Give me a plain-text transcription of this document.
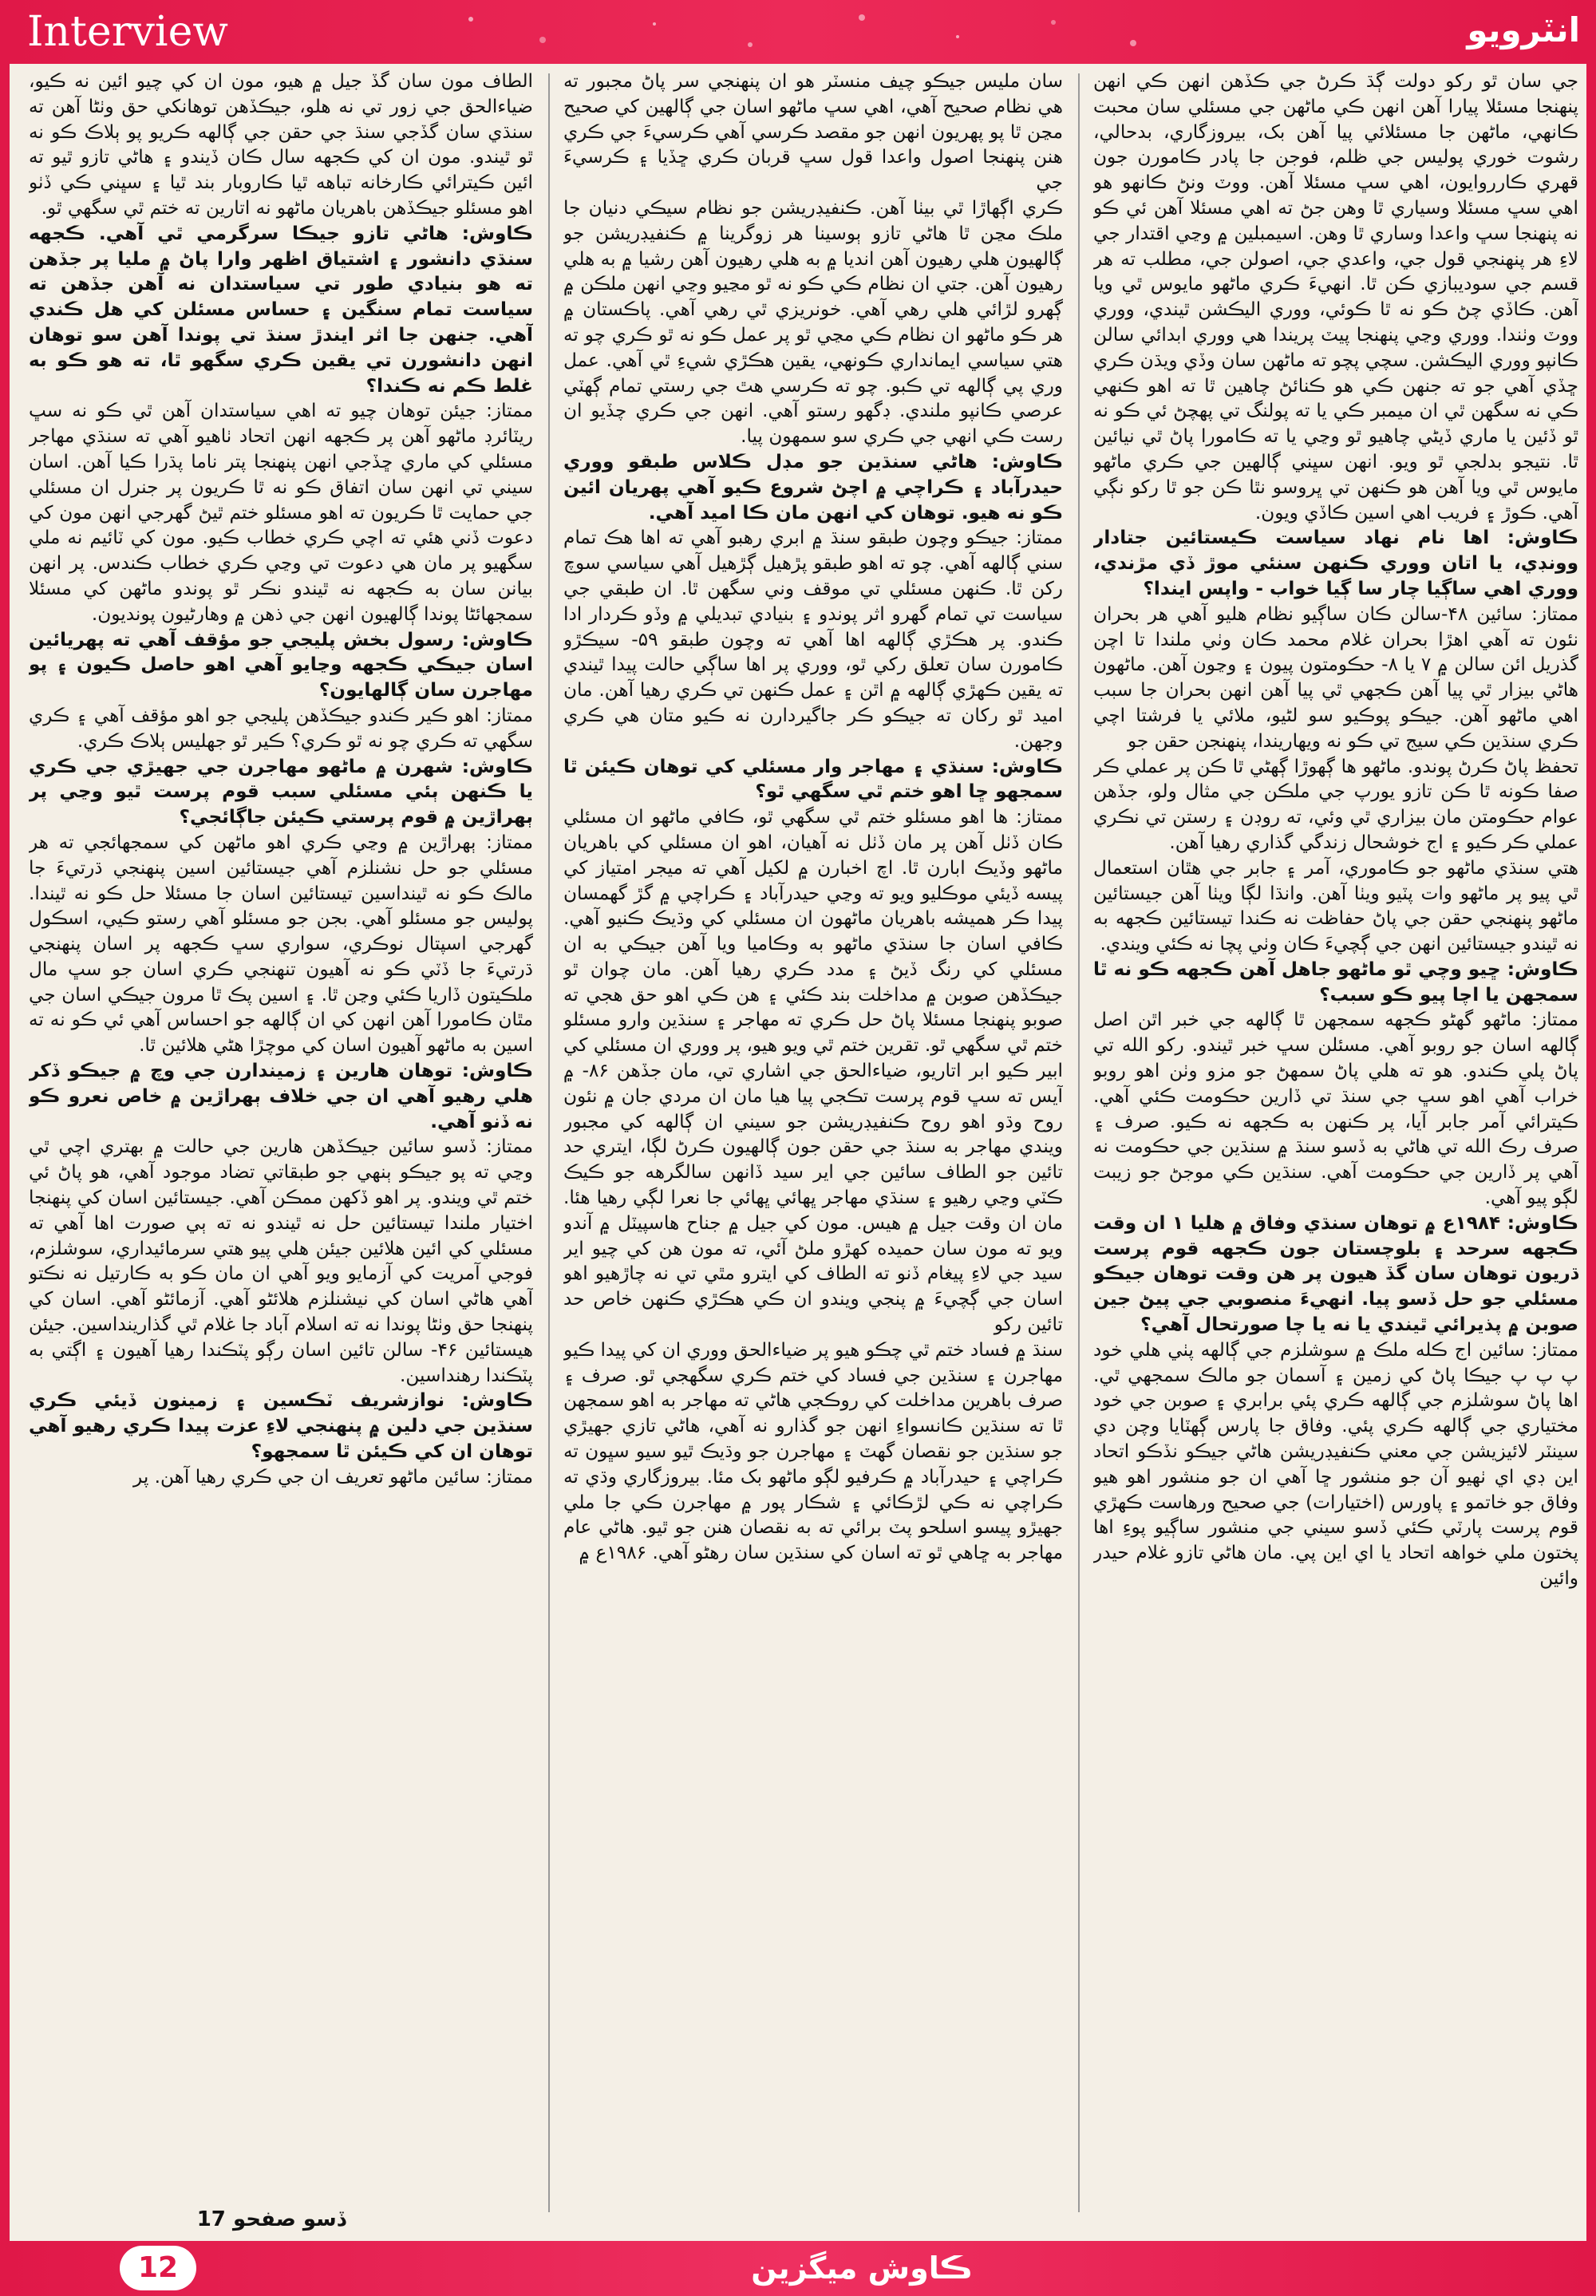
Interview	انٽرويو

جي سان ٿو رکو دولت ڳڌ ڪرڻ جي ڪڏهن انهن ڪي انهن پنهنجا مسئلا پيارا آهن انهن ڪي ماڻهن جي مسئلي سان محبت ڪانهي، ماڻهن جا مسئلائي پيا آهن بک، بيروزگاري، بدحالي، رشوت خوري پوليس جي ظلم، فوجن جا پادر ڪامورن جون قهري ڪارروايون، اهي سڀ مسئلا آهن. ووٽ ونڻ ڪانهو هو اهي سڀ مسئلا وسياري ٿا وهن جڻ ته اهي مسئلا آهن ئي ڪو نه پنهنجا سڀ واعدا وساري ٿا وهن. اسيمبلين ۾ وڃي اقتدار جي لاءِ هر پنهنجي قول جي، واعدي جي، اصولن جي، مطلب ته هر قسم جي سوديبازي ڪن ٿا. انهيءَ ڪري ماڻهو مايوس ٿي ويا آهن. ڪاڏي چڻ ڪو نه ٿا ڪوئي، ووري اليڪشن ٿيندي، ووري ووٽ وٺندا. ووري وڃي پنهنجا پيٽ پريندا هي ووري ابدائي سالن ڪانپو ووري اليڪشن. سچي پچو ته ماڻهن سان وڏي ويڌن ڪري ڇڏي آهي جو ته جنهن ڪي هو ڪنائڻ چاهين ٿا ته اهو ڪنهي ڪي نه سگهن ٿي ان ميمبر ڪي يا ته پولنگ تي پهچڻ ئي ڪو نه ٿو ڏئين يا ماري ڏيڻي چاهيو ٿو وڃي يا ته ڪامورا پاڻ ٿي نيائين ٿا. نتيجو بدلجي ٿو ويو. انهن سڀني ڳالهين جي ڪري ماڻهو مايوس ٿي ويا آهن هو ڪنهن تي ڀروسو نٿا ڪن جو ٿا رکو نڳي آهي. ڪوڙ ۽ فريب اهي اسين ڪاڏي ويون.

ڪاوش: اها نام نهاد سياست ڪيستائين جتادار وونڊي، يا اتان ووري ڪنهن سنئي موڙ ڏي مڙندي، ووري اهي ساڳيا چار سا ڳيا خواب - واپس ايندا؟

ممتاز: سائين ۴۸-سالن ڪان ساڳيو نظام هليو آهي هر بحران نئون ته آهي اهڙا بحران غلام محمد ڪان وٺي ملندا تا اچن گذريل ائن سالن ۾ ۷ يا ۸- حڪومتون پيون ۽ وڃون آهن. ماڻهون هاڻي بيزار ٿي پيا آهن ڪجهي ٿي پيا آهن انهن بحران جا سبب اهي ماڻهو آهن. جيڪو پوڪيو سو لڻيو، ملائي يا فرشتا اچي ڪري سنڌين ڪي سيج تي ڪو نه ويهاريندا، پنهنجن حقن جو

تحفظ پاڻ ڪرڻ پوندو. ماڻهو ها ڳهوڙا ڳهڻي ٿا ڪن پر عملي ڪر صفا ڪونه ٿا ڪن تازو يورپ جي ملڪن جي مثال ولو، جڏهن عوام حڪومتن مان بيزاري ٿي وئي، ته روڊن ۽ رستن تي نڪري عملي ڪر ڪيو ۽ اج خوشحال زندگي گذاري رهيا آهن.

هتي سنڌي ماڻهو جو ڪاموري، آمر ۽ جابر جي هٿان استعمال ٿي پيو پر ماڻهو وات پٽيو ويٺا آهن. وانڌا لڳا ويٺا آهن جيستائين ماڻهو پنهنجي حقن جي پاڻ حفاظت نه ڪندا تيستائين ڪجهه به نه ٿيندو جيستائين انهن جي ڳچيءَ ڪان وٺي پچا نه ڪئي ويندي.

ڪاوش: ڇيو وچي ٿو ماڻهو جاهل آهن ڪجهه ڪو نه ٿا سمجهن يا اچا پيو ڪو سبب؟

ممتاز: ماڻهو گهڻو ڪجهه سمجهن ٿا ڳالهه جي خبر اٿن اصل ڳالهه اسان جو روبو آهي. مسئلن سڀ خبر ٿيندو. رکو الله تي پاڻ پلي ڪندو. هو ته هلي پاڻ سمهڻ جو مزو وٺن اهو روبو خراب آهي اهو سڀ جي سنڌ تي ڏارين حڪومت ڪئي آهي. ڪيترائي آمر جابر آيا، پر ڪنهن به ڪجهه نه ڪيو. صرف ۽ صرف رڪ الله تي هاڻي به ڏسو سنڌ ۾ سنڌين جي حڪومت نه آهي پر ڏارين جي حڪومت آهي. سنڌين ڪي موجڻ جو زيبت لڳو پيو آهي.

ڪاوش: ۱۹۸۴ع ۾ توهان سنڌي وفاق ۾ هليا ۱ ان وقت ڪجهه سرحد ۽ بلوچستان جون ڪجهه قوم پرست ڌريون توهان سان گڏ هيون پر هن وقت توهان جيڪو مسئلي جو حل ڏسو پيا. انهيءَ منصوبي جي پيڻ جين صوبن ۾ پذيرائي ٿيندي يا نه يا چا صورتحال آهي؟

ممتاز: سائين اج ڪله ملڪ ۾ سوشلزم جي ڳالهه پٺي هلي خود پ پ پ جيڪا پاڻ کي زمين ۽ آسمان جو مالڪ سمجهي ٿي. اها پاڻ سوشلزم جي ڳالهه ڪري پئي برابري ۽ صوبن جي خود مختياري جي ڳالهه ڪري پئي. وفاق جا پارس ڳهٽايا وچن دي سينٽر لائيزيشن جي معني ڪنفيڊريشن هاڻي جيڪو نڏڪو اتحاد اين ڊي اي ٺهيو آن جو منشور ڇا آهي ان جو منشور اهو هيو وفاق جو خاتمو ۽ پاورس (اختيارات) جي صحيح ورهاست ڪهڙي قوم پرست پارٽي ڪئي ڏسو سيني جي منشور ساڳيو پوءِ اها پختون ملي خواهه اتحاد يا اي اين پي. مان هاڻي تازو غلام حيدر وائين

سان مليس جيڪو چيف منسٽر هو ان پنهنجي سر پاڻ مجبور ته هي نظام صحيح آهي، اهي سڀ ماڻهو اسان جي ڳالهين کي صحيح مڃن ٿا پو پهريون انهن جو مقصد ڪرسي آهي ڪرسيءَ جي ڪري هنن پنهنجا اصول واعدا قول سڀ قربان ڪري ڇڏيا ۽ ڪرسيءَ جي

ڪري اڳهاڙا ٿي بيٺا آهن. ڪنفيڊريشن جو نظام سيڪي دنيان جا ملڪ مڃن ٿا هاڻي تازو ٻوسينا هر زوگرينا ۾ ڪنفيڊريشن جو ڳالهيون هلي رهيون آهن انديا ۾ به هلي رهيون آهن رشيا ۾ به هلي رهيون آهن. جتي ان نظام ڪي ڪو نه ٿو مڃيو وڃي انهن ملڪن ۾ ڳهرو لڙائي هلي رهي آهي. خونريزي ٿي رهي آهي. پاڪستان ۾ هر ڪو ماڻهو ان نظام ڪي مڃي ٿو پر عمل ڪو نه ٿو ڪري چو ته هتي سياسي ايمانداري ڪونهي، يقين هڪڙي شيءِ ٿي آهي. عمل وري پي ڳالهه تي ڪبو. چو ته ڪرسي هٿ جي رستي تمام ڳهٽي عرصي ڪانپو ملندي. ڊگهو رستو آهي. انهن جي ڪري چڏيو ان رست ڪي انهي جي ڪري سو سمهون پيا.

ڪاوش: هاڻي سنڌين جو مڊل ڪلاس طبقو ووري حيدرآباد ۽ ڪراچي ۾ اچڻ شروع ڪيو آهي پهريان ائين ڪو نه هيو. توهان کي انهن مان ڪا اميد آهي.

ممتاز: جيڪو وچون طبقو سنڌ ۾ ابري رهبو آهي ته اها هڪ تمام سني ڳالهه آهي. چو ته اهو طبقو پڙهيل ڳڙهيل آهي سياسي سوچ رکن ٿا. ڪنهن مسئلي تي موقف وني سگهن ٿا. ان طبقي جي سياست تي تمام گهرو اثر پوندو ۽ بنيادي تبديلي ۾ وڏو ڪردار ادا ڪندو. پر هڪڙي ڳالهه اها آهي ته وچون طبقو ۵۹- سيڪڙو ڪامورن سان تعلق رکي ٿو، ووري پر اها ساڳي حالت پيدا ٿيندي ته يقين ڪهڙي ڳالهه ۾ اٿن ۽ عمل ڪنهن تي ڪري رهيا آهن. مان اميد ٿو رکان ته جيڪو ڪر جاگيردارن نه ڪيو متان هي ڪري وجهن.

ڪاوش: سنڌي ۽ مهاجر وار مسئلي کي توهان ڪيئن ٿا سمجهو ڇا اهو ختم ٿي سگهي ٿو؟

ممتاز: ها اهو مسئلو ختم ٿي سگهي ٿو، ڪافي ماڻهو ان مسئلي ڪان ڏٺل آهن پر مان ڏٺل نه آهيان، اهو ان مسئلي کي باهريان ماڻهو وڏيڪ ابارن ٿا. اچ اخبارن ۾ لکيل آهي ته ميجر امتياز کي پيسه ڏيئي موڪليو ويو ته وڃي حيدرآباد ۽ ڪراچي ۾ گڙ گهمسان پيدا ڪر هميشه باهريان ماڻهون ان مسئلي کي وڌيڪ ڪنيو آهي. ڪافي اسان جا سنڌي ماڻهو به وڪاميا ويا آهن جيڪي به ان مسئلي کي رنگ ڏيڻ ۽ مدد ڪري رهيا آهن. مان چوان ٿو جيڪڏهن صوبن ۾ مداخلت بند ڪئي ۽ هن ڪي اهو حق هجي ته صوبو پنهنجا مسئلا پاڻ حل ڪري ته مهاجر ۽ سنڌين وارو مسئلو ختم ٿي سگهي ٿو. تقرين ختم ٿي ويو هيو، پر ووري ان مسئلي کي ابير ڪيو ابر اتاريو، ضياءالحق جي اشاري تي، مان جڏهن ۸۶- ۾ آيس ته سڀ قوم پرست تڪجي پيا هيا مان ان مردي جان ۾ نئون روح وڌو اهو روح ڪنفيڊريشن جو سيني ان ڳالهه کي مجبور ويندي مهاجر به سنڌ جي حقن جون ڳالهيون ڪرڻ لڳا، ايتري حد تائين جو الطاف سائين جي اير سيد ڏانهن سالگرهه جو ڪيڪ ڪٽي وڃي رهيو ۽ سنڌي مهاجر ڀهائي ڀهائي جا نعرا لڳي رهيا هئا. مان ان وقت جيل ۾ هيس. مون کي جيل ۾ جناح هاسپيٽل ۾ آندو ويو ته مون سان حميده کهڙو ملڻ آئي، ته مون هن کي چيو اير سيد جي لاءِ پيغام ڏنو ته الطاف کي ايترو مٿي تي نه چاڙهيو اهو اسان جي ڳچيءَ ۾ پنجي ويندو ان ڪي هڪڙي ڪنهن خاص حد تائين رکو

سنڌ ۾ فساد ختم ٿي چڪو هيو پر ضياءالحق ووري ان کي پيدا ڪيو مهاجرن ۽ سنڌين جي فساد کي ختم ڪري سگهجي ٿو. صرف ۽ صرف باهرين مداخلت کي روڪجي هاڻي ته مهاجر به اهو سمجهن ٿا ته سنڌين ڪانسواءِ انهن جو گذارو نه آهي، هاڻي تازي جهيڙي جو سنڌين جو نقصان گهٽ ۽ مهاجرن جو وڌيڪ ٿيو سيو سڀون ته ڪراچي ۽ حيدرآباد ۾ ڪرفيو لڳو ماڻهو بک مئا. بيروزگاري وڌي ته ڪراچي نه ڪي لڙڪائي ۽ شڪار پور ۾ مهاجرن ڪي جا ملي جهيڙو پيسو اسلحو پٽ برائي ته به نقصان هنن جو ٿيو. هاڻي عام مهاجر به ڇاهي ٿو ته اسان کي سنڌين سان رهڻو آهي. ۱۹۸۶ع ۾

الطاف مون سان گڏ جيل ۾ هيو، مون ان کي چيو ائين نه ڪيو، ضياءالحق جي زور تي نه هلو، جيڪڏهن توهانکي حق وٺڻا آهن ته سنڌي سان گڏجي سنڌ جي حقن جي ڳالهه ڪريو پو ٻلاڪ ڪو نه ٿو ٿيندو. مون ان کي ڪجهه سال ڪان ڏيندو ۽ هاڻي تازو ٿيو ته ائين ڪيترائي ڪارخانه تباهه ٿيا ڪاروبار بند ٿيا ۽ سڀني ڪي ڏٺو اهو مسئلو جيڪڏهن باهريان ماڻهو نه اتارين ته ختم ٿي سگهي ٿو.

ڪاوش: هاڻي تازو جيڪا سرگرمي ٿي آهي. ڪجهه سنڌي دانشور ۽ اشتياق اظهر وارا پاڻ ۾ مليا پر جڏهن ته هو بنيادي طور تي سياستدان نه آهن جڏهن ته سياست تمام سنگين ۽ حساس مسئلن کي هل ڪندي آهي. جنهن جا اثر ايندڙ سنڌ تي پوندا آهن سو توهان انهن دانشورن تي يقين ڪري سگهو ٿا، ته هو ڪو به غلط ڪم نه ڪندا؟

ممتاز: جيئن توهان چيو ته اهي سياستدان آهن ٿي ڪو نه سڀ ريٽائرڊ ماڻهو آهن پر ڪجهه انهن اتحاد ٺاهيو آهي ته سنڌي مهاجر مسئلي کي ماري ڇڏجي انهن پنهنجا پتر ناما پڌرا ڪيا آهن. اسان سيني تي انهن سان اتفاق ڪو نه ٿا ڪريون پر جنرل ان مسئلي جي حمايت ٿا ڪريون ته اهو مسئلو ختم ٿيڻ گهرجي انهن مون کي دعوت ڏني هئي ته اچي ڪري خطاب ڪيو. مون کي ٽائيم نه ملي سگهيو پر مان هي دعوت تي وڃي ڪري خطاب ڪندس. پر انهن بيانن سان به ڪجهه نه ٿيندو نڪر ٿو پوندو ماڻهن کي مسئلا سمجهائڻا پوندا ڳالهيون انهن جي ذهن ۾ وهارڻيون پونديون.

ڪاوش: رسول بخش پليجي جو مؤقف آهي ته پهريائين اسان جيڪي ڪجهه وڃايو آهي اهو حاصل ڪيون ۽ پو مهاجرن سان ڳالهايون؟

ممتاز: اهو ڪير ڪندو جيڪڏهن پليجي جو اهو مؤقف آهي ۽ ڪري سگهي ته ڪري چو نه ٿو ڪري؟ ڪير ٿو جهليس ٻلاڪ ڪري.

ڪاوش: شهرن ۾ ماڻهو مهاجرن جي جهيڙي جي ڪري يا ڪنهن ٻئي مسئلي سبب قوم پرست ٿيو وڃي پر ٻهراڙين ۾ قوم پرستي ڪيئن جاڳائجي؟

ممتاز: ٻهراڙين ۾ وڃي ڪري اهو ماڻهن کي سمجهائجي ته هر مسئلي جو حل نشنلزم آهي جيستائين اسين پنهنجي ڌرتيءَ جا مالڪ ڪو نه ٿينداسين تيستائين اسان جا مسئلا حل ڪو نه ٿيندا. پوليس جو مسئلو آهي. بجن جو مسئلو آهي رستو ڪيي، اسڪول گهرجي اسپتال نوڪري، سواري سڀ ڪجهه پر اسان پنهنجي ڌرتيءَ جا ڏٽي ڪو نه آهيون تنهنجي ڪري اسان جو سڀ مال ملڪيتون ڏاريا ڪئي وڃن ٿا. ۽ اسين پڪ ٿا مرون جيڪي اسان جي مٿان ڪامورا آهن انهن کي ان ڳالهه جو احساس آهي ئي ڪو نه ته اسين به ماڻهو آهيون اسان کي موچڙا هڻي هلائين ٿا.

ڪاوش: توهان هارين ۽ زميندارن جي وچ ۾ جيڪو ڏکر هلي رهيو آهي ان جي خلاف ٻهراڙين ۾ خاص نعرو ڪو نه ڏنو آهي.

ممتاز: ڏسو سائين جيڪڏهن هارين جي حالت ۾ بهتري اچي ٿي وڃي ته پو جيڪو ٻنهي جو طبقاتي تضاد موجود آهي، هو پاڻ ئي ختم ٿي ويندو. پر اهو ڏکهن ممڪن آهي. جيستائين اسان کي پنهنجا اختيار ملندا تيستائين حل نه ٿيندو نه ته ٻي صورت اها آهي ته مسئلي کي ائين هلائين جيئن هلي پيو هتي سرمائيداري، سوشلزم، فوجي آمريت کي آزمايو ويو آهي ان مان ڪو به ڪارتيل نه نڪتو آهي هاڻي اسان کي نيشنلزم هلائڻو آهي. آزمائڻو آهي. اسان کي پنهنجا حق وٺڻا پوندا نه ته اسلام آباد جا غلام ٿي گذارينداسين. جيئن هيستائين ۴۶- سالن تائين اسان رڳو پٽڪندا رهيا آهيون ۽ اڳتي به پٽڪندا رهنداسين.

ڪاوش: نوازشريف ٽڪسين ۽ زمينون ڏيئي ڪري سنڌين جي دلين ۾ پنهنجي لاءِ عزت پيدا ڪري رهيو آهي توهان ان کي ڪيئن ٿا سمجهو؟

ممتاز: سائين ماڻهو تعريف ان جي ڪري رهيا آهن. پر

ڏسو صفحو 17
12	ڪاوش ميگزين
